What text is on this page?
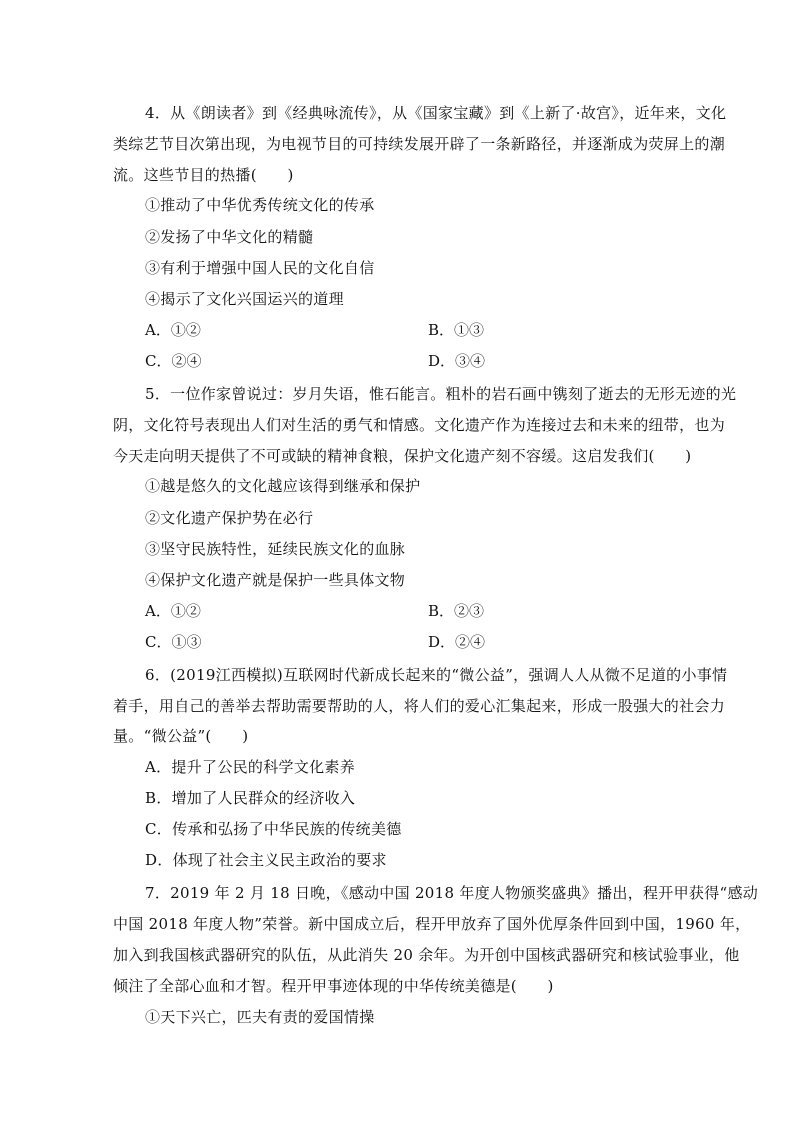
4．从《朗读者》到《经典咏流传》，从《国家宝藏》到《上新了·故宫》，近年来，文化
类综艺节目次第出现，为电视节目的可持续发展开辟了一条新路径，并逐渐成为荧屏上的潮
流。这些节目的热播(　　)
①推动了中华优秀传统文化的传承
②发扬了中华文化的精髓
③有利于增强中国人民的文化自信
④揭示了文化兴国运兴的道理
A．①②	B．①③
C．②④	D．③④
5．一位作家曾说过：岁月失语，惟石能言。粗朴的岩石画中镌刻了逝去的无形无迹的光
阴，文化符号表现出人们对生活的勇气和情感。文化遗产作为连接过去和未来的纽带，也为
今天走向明天提供了不可或缺的精神食粮，保护文化遗产刻不容缓。这启发我们(　　)
①越是悠久的文化越应该得到继承和保护
②文化遗产保护势在必行
③坚守民族特性，延续民族文化的血脉
④保护文化遗产就是保护一些具体文物
A．①②	B．②③
C．①③	D．②④
6．(2019江西模拟)互联网时代新成长起来的“微公益”，强调人人从微不足道的小事情
着手，用自己的善举去帮助需要帮助的人，将人们的爱心汇集起来，形成一股强大的社会力
量。“微公益”(　　)
A．提升了公民的科学文化素养
B．增加了人民群众的经济收入
C．传承和弘扬了中华民族的传统美德
D．体现了社会主义民主政治的要求
7．2019 年 2 月 18 日晚，《感动中国 2018 年度人物颁奖盛典》播出，程开甲获得“感动
中国 2018 年度人物”荣誉。新中国成立后，程开甲放弃了国外优厚条件回到中国，1960 年，
加入到我国核武器研究的队伍，从此消失 20 余年。为开创中国核武器研究和核试验事业，他
倾注了全部心血和才智。程开甲事迹体现的中华传统美德是(　　)
①天下兴亡，匹夫有责的爱国情操
